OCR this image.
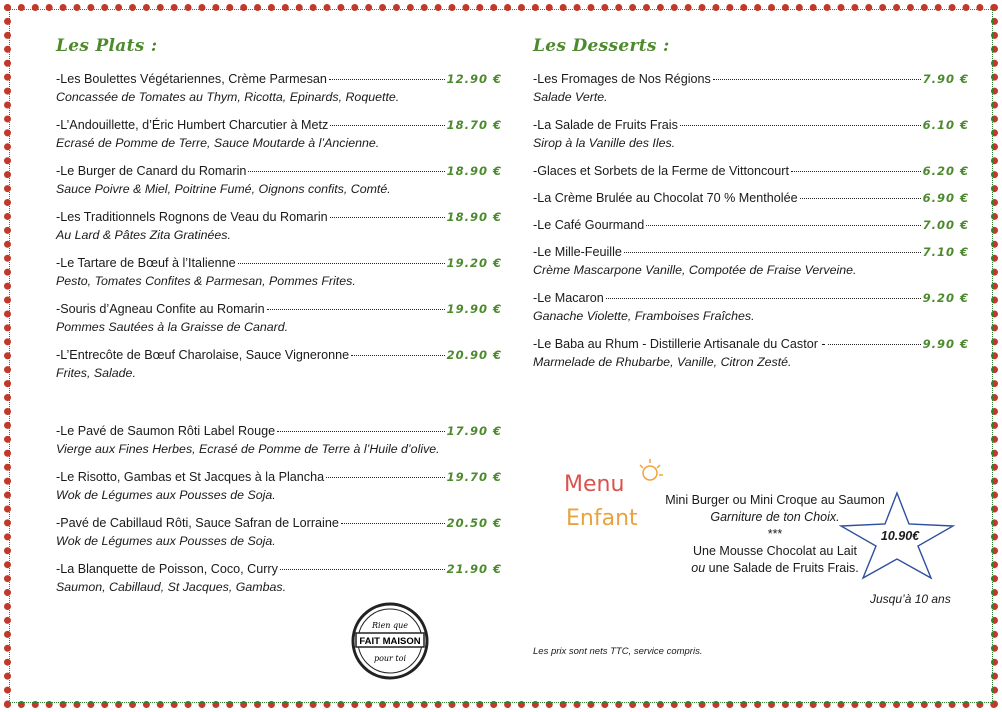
Les Plats :
-Les Boulettes Végétariennes, Crème Parmesan	12.90 €
Concassée de Tomates au Thym, Ricotta, Epinards, Roquette.
-L’Andouillette, d’Éric Humbert Charcutier à Metz	18.70 €
Ecrasé de Pomme de Terre, Sauce Moutarde à l’Ancienne.
-Le Burger de Canard du Romarin	18.90 €
Sauce Poivre & Miel, Poitrine Fumé, Oignons confits, Comté.
-Les Traditionnels Rognons de Veau du Romarin	18.90 €
Au Lard & Pâtes Zita Gratinées.
-Le Tartare de Bœuf à l’Italienne	19.20 €
Pesto, Tomates Confites & Parmesan, Pommes Frites.
-Souris d’Agneau Confite au Romarin	19.90 €
Pommes Sautées à la Graisse de Canard.
-L’Entrecôte de Bœuf Charolaise, Sauce Vigneronne	20.90 €
Frites, Salade.
-Le Pavé de Saumon Rôti Label Rouge	17.90 €
Vierge aux Fines Herbes, Ecrasé de Pomme de Terre à l’Huile d’olive.
-Le Risotto, Gambas et St Jacques à la Plancha	19.70 €
Wok de Légumes aux Pousses de Soja.
-Pavé de Cabillaud Rôti, Sauce Safran de Lorraine	20.50 €
Wok de Légumes aux Pousses de Soja.
-La Blanquette de Poisson, Coco, Curry	21.90 €
Saumon, Cabillaud, St Jacques, Gambas.
Les Desserts :
-Les Fromages de Nos Régions	7.90 €
Salade Verte.
-La Salade de Fruits Frais	6.10 €
Sirop à la Vanille des Iles.
-Glaces et Sorbets de la Ferme de Vittoncourt	6.20 €
-La Crème Brulée au Chocolat 70 % Mentholée	6.90 €
-Le Café Gourmand	7.00 €
-Le Mille-Feuille	7.10 €
Crème Mascarpone Vanille, Compotée de Fraise Verveine.
-Le Macaron	9.20 €
Ganache Violette, Framboises Fraîches.
-Le Baba au Rhum - Distillerie Artisanale du Castor -	9.90 €
Marmelade de Rhubarbe, Vanille, Citron Zesté.
Rien que
FAIT MAISON
pour toi
Menu
Enfant
Mini Burger ou Mini Croque au Saumon
Garniture de ton Choix.
***
Une Mousse Chocolat au Lait
ou une Salade de Fruits Frais.
10.90€
Jusqu’à 10 ans
Les prix sont nets TTC, service compris.
